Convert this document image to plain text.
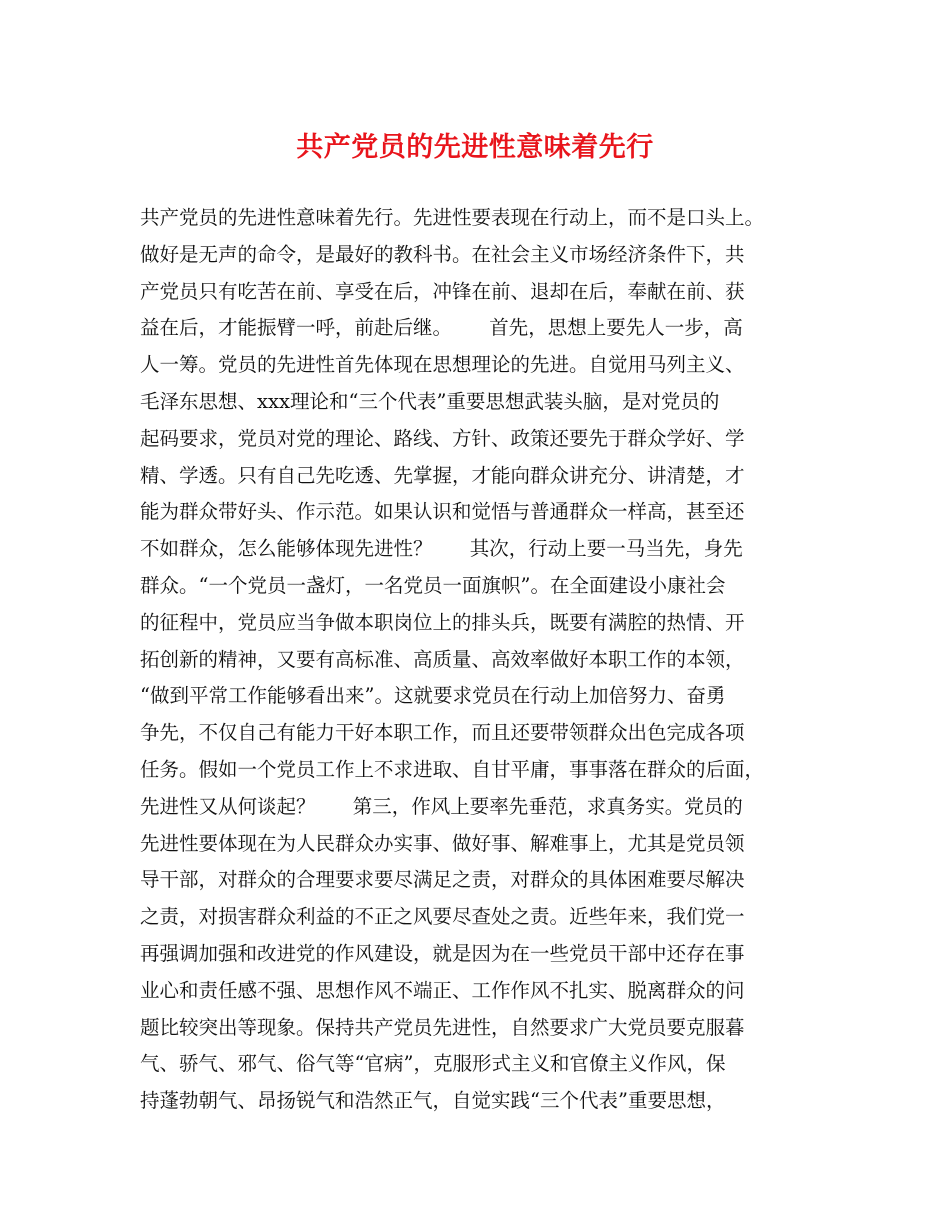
共产党员的先进性意味着先行
共产党员的先进性意味着先行。先进性要表现在行动上，而不是口头上。
做好是无声的命令，是最好的教科书。在社会主义市场经济条件下，共
产党员只有吃苦在前、享受在后，冲锋在前、退却在后，奉献在前、获
益在后，才能振臂一呼，前赴后继。      首先，思想上要先人一步，高
人一筹。党员的先进性首先体现在思想理论的先进。自觉用马列主义、
毛泽东思想、xxx理论和“三个代表”重要思想武装头脑，是对党员的
起码要求，党员对党的理论、路线、方针、政策还要先于群众学好、学
精、学透。只有自己先吃透、先掌握，才能向群众讲充分、讲清楚，才
能为群众带好头、作示范。如果认识和觉悟与普通群众一样高，甚至还
不如群众，怎么能够体现先进性？      其次，行动上要一马当先，身先
群众。“一个党员一盏灯，一名党员一面旗帜”。在全面建设小康社会
的征程中，党员应当争做本职岗位上的排头兵，既要有满腔的热情、开
拓创新的精神，又要有高标准、高质量、高效率做好本职工作的本领，
“做到平常工作能够看出来”。这就要求党员在行动上加倍努力、奋勇
争先，不仅自己有能力干好本职工作，而且还要带领群众出色完成各项
任务。假如一个党员工作上不求进取、自甘平庸，事事落在群众的后面，
先进性又从何谈起？      第三，作风上要率先垂范，求真务实。党员的
先进性要体现在为人民群众办实事、做好事、解难事上，尤其是党员领
导干部，对群众的合理要求要尽满足之责，对群众的具体困难要尽解决
之责，对损害群众利益的不正之风要尽查处之责。近些年来，我们党一
再强调加强和改进党的作风建设，就是因为在一些党员干部中还存在事
业心和责任感不强、思想作风不端正、工作作风不扎实、脱离群众的问
题比较突出等现象。保持共产党员先进性，自然要求广大党员要克服暮
气、骄气、邪气、俗气等“官病”，克服形式主义和官僚主义作风，保
持蓬勃朝气、昂扬锐气和浩然正气，自觉实践“三个代表”重要思想，
